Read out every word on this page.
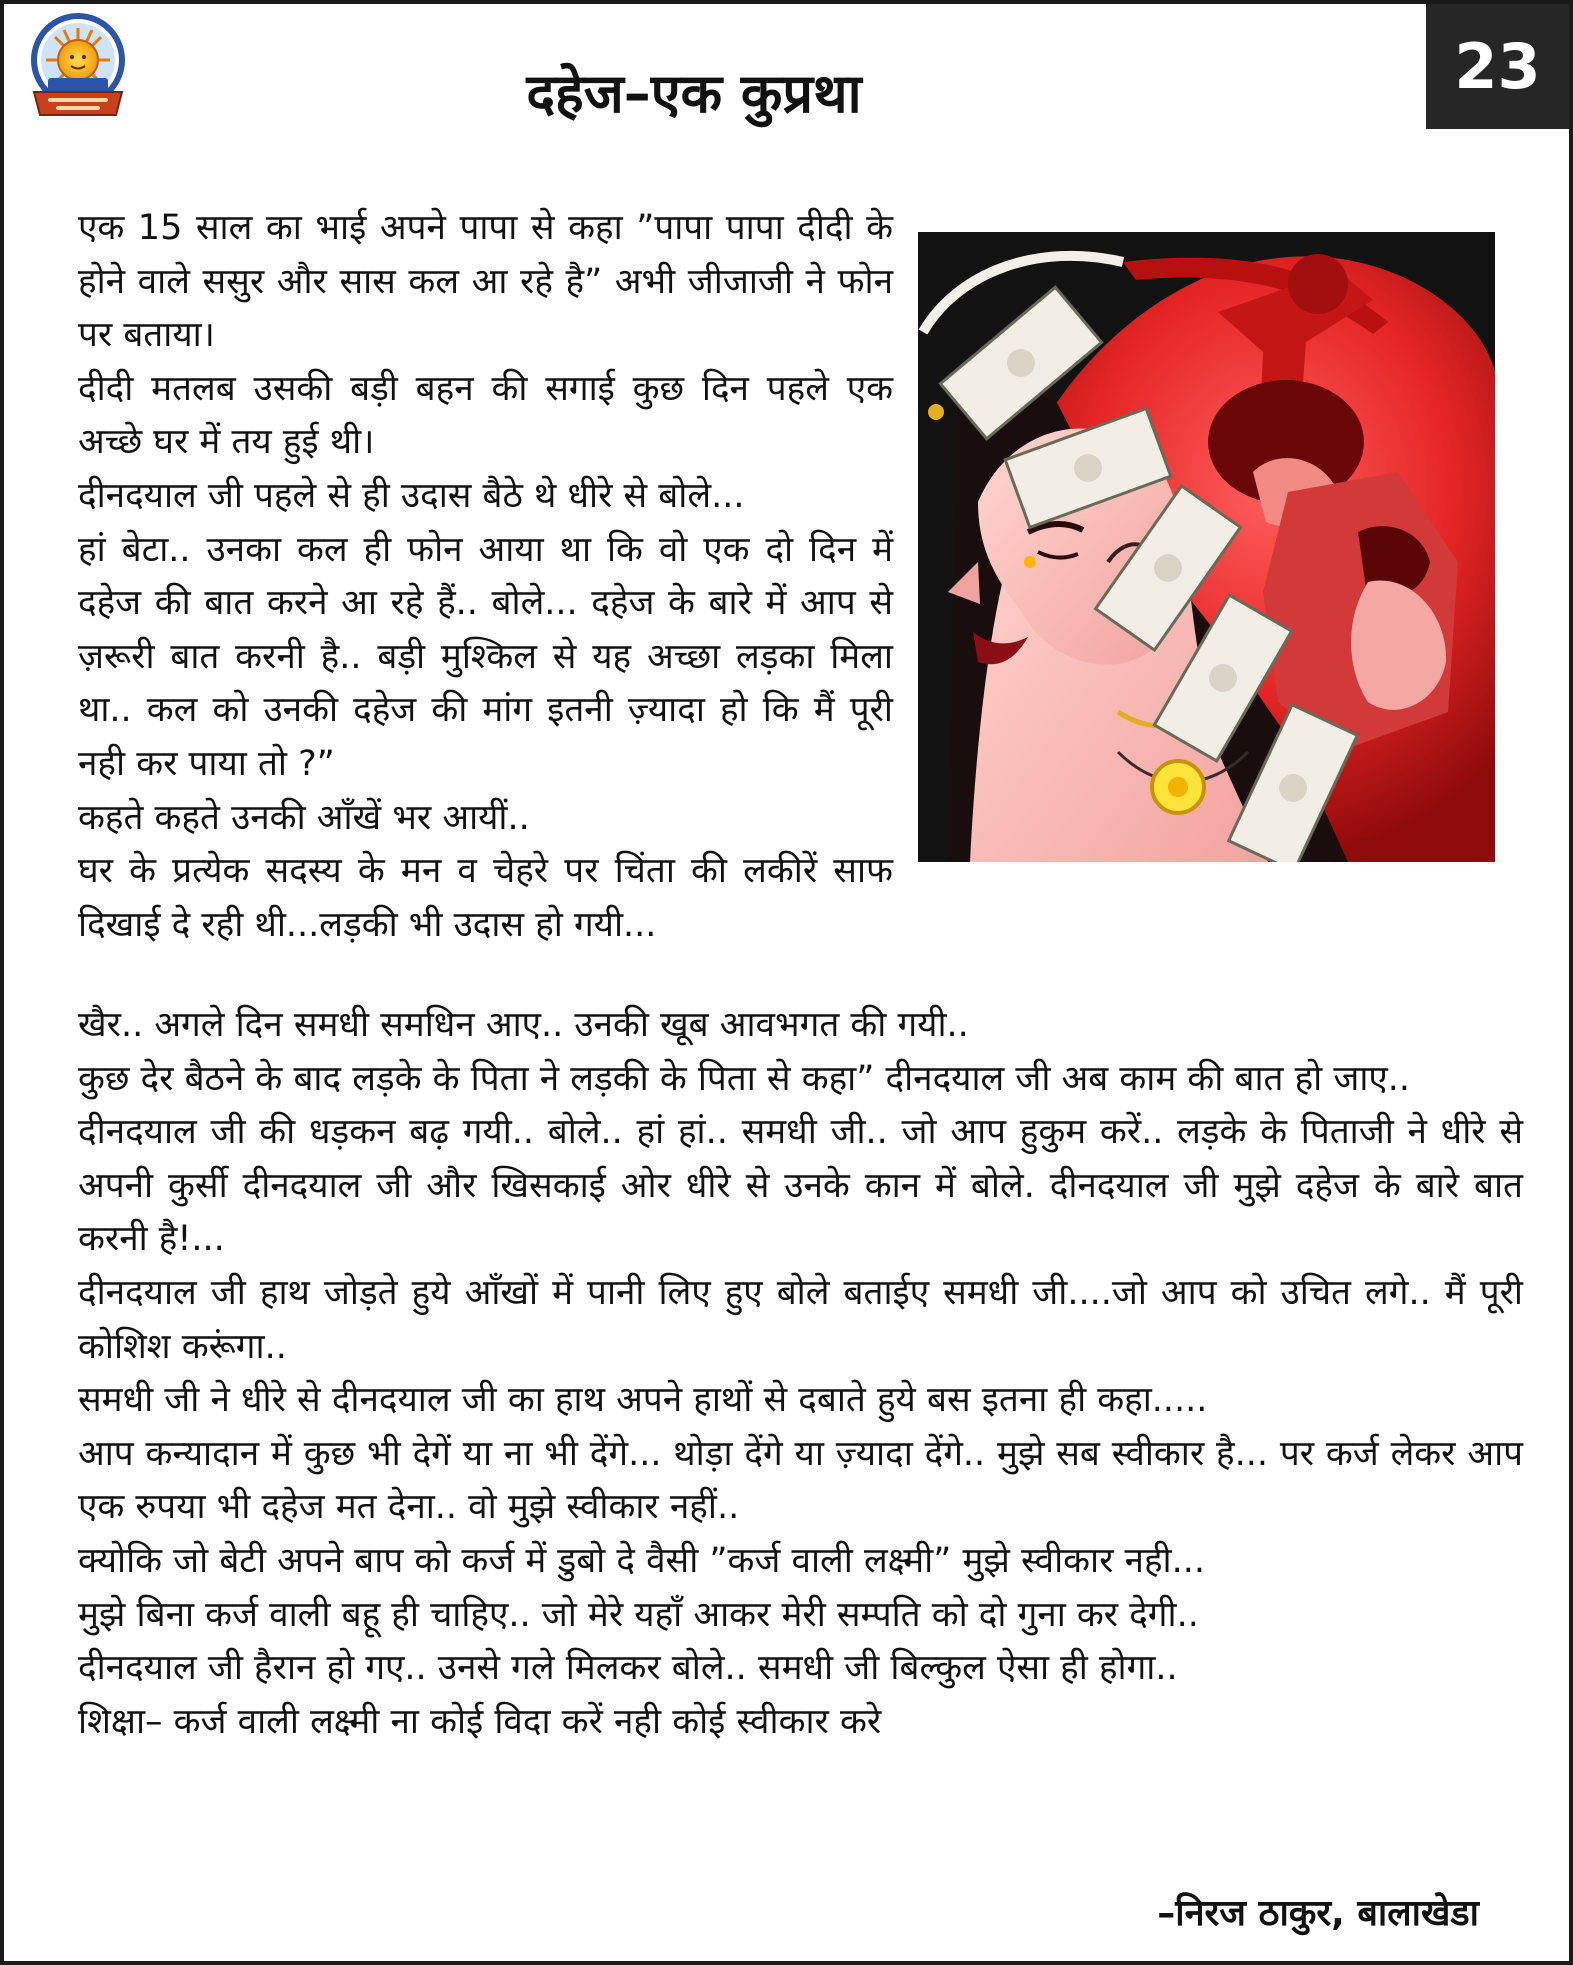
दहेज–एक कुप्रथा	23

एक 15 साल का भाई अपने पापा से कहा ”पापा पापा दीदी के होने वाले ससुर और सास कल आ रहे है” अभी जीजाजी ने फोन पर बताया।

दीदी मतलब उसकी बड़ी बहन की सगाई कुछ दिन पहले एक अच्छे घर में तय हुई थी।

दीनदयाल जी पहले से ही उदास बैठे थे धीरे से बोले...

हां बेटा.. उनका कल ही फोन आया था कि वो एक दो दिन में दहेज की बात करने आ रहे हैं.. बोले... दहेज के बारे में आप से ज़रूरी बात करनी है.. बड़ी मुश्किल से यह अच्छा लड़का मिला था.. कल को उनकी दहेज की मांग इतनी ज़्यादा हो कि मैं पूरी नही कर पाया तो ?”

कहते कहते उनकी आँखें भर आयीं..

घर के प्रत्येक सदस्य के मन व चेहरे पर चिंता की लकीरें साफ दिखाई दे रही थी...लड़की भी उदास हो गयी...

खैर.. अगले दिन समधी समधिन आए.. उनकी खूब आवभगत की गयी..

कुछ देर बैठने के बाद लड़के के पिता ने लड़की के पिता से कहा” दीनदयाल जी अब काम की बात हो जाए..

दीनदयाल जी की धड़कन बढ़ गयी.. बोले.. हां हां.. समधी जी.. जो आप हुकुम करें.. लड़के के पिताजी ने धीरे से अपनी कुर्सी दीनदयाल जी और खिसकाई ओर धीरे से उनके कान में बोले. दीनदयाल जी मुझे दहेज के बारे बात करनी है!...

दीनदयाल जी हाथ जोड़ते हुये आँखों में पानी लिए हुए बोले बताईए समधी जी....जो आप को उचित लगे.. मैं पूरी कोशिश करूंगा..

समधी जी ने धीरे से दीनदयाल जी का हाथ अपने हाथों से दबाते हुये बस इतना ही कहा.....

आप कन्यादान में कुछ भी देगें या ना भी देंगे... थोड़ा देंगे या ज़्यादा देंगे.. मुझे सब स्वीकार है... पर कर्ज लेकर आप एक रुपया भी दहेज मत देना.. वो मुझे स्वीकार नहीं..

क्योकि जो बेटी अपने बाप को कर्ज में डुबो दे वैसी ”कर्ज वाली लक्ष्मी” मुझे स्वीकार नही...

मुझे बिना कर्ज वाली बहू ही चाहिए.. जो मेरे यहाँ आकर मेरी सम्पति को दो गुना कर देगी..

दीनदयाल जी हैरान हो गए.. उनसे गले मिलकर बोले.. समधी जी बिल्कुल ऐसा ही होगा..

शिक्षा– कर्ज वाली लक्ष्मी ना कोई विदा करें नही कोई स्वीकार करे

–निरज ठाकुर, बालाखेडा
